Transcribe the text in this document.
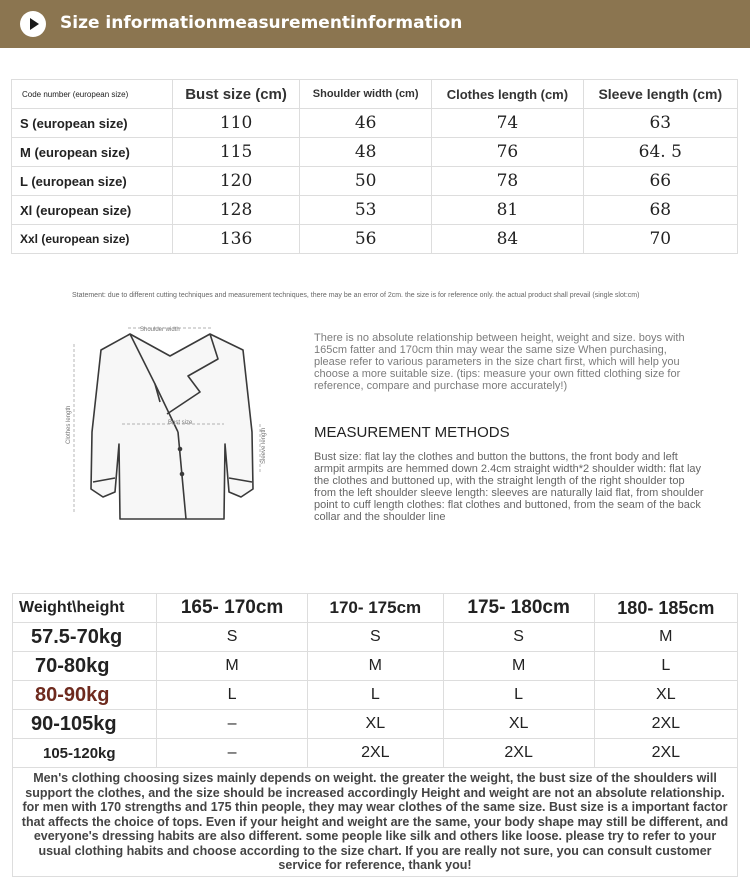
Size informationmeasurementinformation
Code number (european size)	Bust size (cm)	Shoulder width (cm)	Clothes length (cm)	Sleeve length (cm)
S (european size)	110	46	74	63
M (european size)	115	48	76	64. 5
L (european size)	120	50	78	66
Xl (european size)	128	53	81	68
Xxl (european size)	136	56	84	70
Statement: due to different cutting techniques and measurement techniques, there may be an error of 2cm. the size is for reference only. the actual product shall prevail (single slot:cm)
Shoulder width
Bust size
Clothes length
Sleeve length
There is no absolute relationship between height, weight and size. boys with 165cm fatter and 170cm thin may wear the same size When purchasing, please refer to various parameters in the size chart first, which will help you choose a more suitable size. (tips: measure your own fitted clothing size for reference, compare and purchase more accurately!)
MEASUREMENT METHODS
Bust size: flat lay the clothes and button the buttons, the front body and left armpit armpits are hemmed down 2.4cm straight width*2 shoulder width: flat lay the clothes and buttoned up, with the straight length of the right shoulder top from the left shoulder sleeve length: sleeves are naturally laid flat, from shoulder point to cuff length clothes: flat clothes and buttoned, from the seam of the back collar and the shoulder line
Weight\height	165- 170cm	170- 175cm	175- 180cm	180- 185cm
57.5-70kg	S	S	S	M
70-80kg	M	M	M	L
80-90kg	L	L	L	XL
90-105kg	–	XL	XL	2XL
105-120kg	–	2XL	2XL	2XL
Men's clothing choosing sizes mainly depends on weight. the greater the weight, the bust size of the shoulders will support the clothes, and the size should be increased accordingly Height and weight are not an absolute relationship. for men with 170 strengths and 175 thin people, they may wear clothes of the same size. Bust size is a important factor that affects the choice of tops. Even if your height and weight are the same, your body shape may still be different, and everyone's dressing habits are also different. some people like silk and others like loose. please try to refer to your usual clothing habits and choose according to the size chart. If you are really not sure, you can consult customer service for reference, thank you!				
